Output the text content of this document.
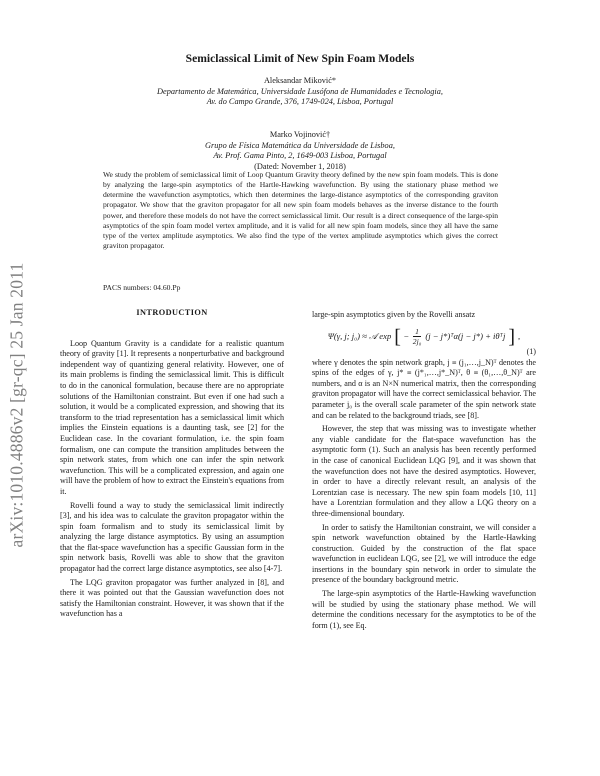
arXiv:1010.4886v2 [gr-qc] 25 Jan 2011
Semiclassical Limit of New Spin Foam Models
Aleksandar Miković*
Departamento de Matemática, Universidade Lusófona de Humanidades e Tecnologia,
Av. do Campo Grande, 376, 1749-024, Lisboa, Portugal
Marko Vojinović†
Grupo de Física Matemática da Universidade de Lisboa,
Av. Prof. Gama Pinto, 2, 1649-003 Lisboa, Portugal
(Dated: November 1, 2018)

We study the problem of semiclassical limit of Loop Quantum Gravity theory defined by the new spin foam models. This is done by analyzing the large-spin asymptotics of the Hartle-Hawking wavefunction. By using the stationary phase method we determine the wavefunction asymptotics, which then determines the large-distance asymptotics of the corresponding graviton propagator. We show that the graviton propagator for all new spin foam models behaves as the inverse distance to the fourth power, and therefore these models do not have the correct semiclassical limit. Our result is a direct consequence of the large-spin asymptotics of the spin foam model vertex amplitude, and it is valid for all new spin foam models, since they all have the same type of the vertex amplitude asymptotics. We also find the type of the vertex amplitude asymptotics which gives the correct graviton propagator.

PACS numbers: 04.60.Pp

INTRODUCTION

Loop Quantum Gravity is a candidate for a realistic quantum theory of gravity [1]. It represents a nonperturbative and background independent way of quantizing general relativity. However, one of its main problems is finding the semiclassical limit. This is difficult to do in the canonical formulation, because there are no appropriate solutions of the Hamiltonian constraint. But even if one had such a solution, it would be a complicated expression, and showing that its transform to the triad representation has a semiclassical limit which implies the Einstein equations is a daunting task, see [2] for the Euclidean case. In the covariant formulation, i.e. the spin foam formalism, one can compute the transition amplitudes between the spin network states, from which one can infer the spin network wavefunction. This will be a complicated expression, and again one will have the problem of how to extract the Einstein's equations from it.

Rovelli found a way to study the semiclassical limit indirectly [3], and his idea was to calculate the graviton propagator within the spin foam formalism and to study its semiclassical limit by analyzing the large distance asymptotics. By using an assumption that the flat-space wavefunction has a specific Gaussian form in the spin network basis, Rovelli was able to show that the graviton propagator had the correct large distance asymptotics, see also [4-7].

The LQG graviton propagator was further analyzed in [8], and there it was pointed out that the Gaussian wavefunction does not satisfy the Hamiltonian constraint. However, it was shown that if the wavefunction has a

large-spin asymptotics given by the Rovelli ansatz

Ψ(γ, j; j₀) ≈ 𝒜 exp [ − $\frac{1}{\text{2j₀}} (j$ − j*)ᵀα(j − j*) + iθᵀj ] ,
(1)

where γ denotes the spin network graph, j ≡ (j₁,…,j_N)ᵀ denotes the spins of the edges of γ, j* ≡ (j*₁,…,j*_N)ᵀ, θ ≡ (θ₁,…,θ_N)ᵀ are numbers, and α is an N×N numerical matrix, then the corresponding graviton propagator will have the correct semiclassical behavior. The parameter j₀ is the overall scale parameter of the spin network state and can be related to the background triads, see [8].

However, the step that was missing was to investigate whether any viable candidate for the flat-space wavefunction has the asymptotic form (1). Such an analysis has been recently performed in the case of canonical Euclidean LQG [9], and it was shown that the wavefunction does not have the desired asymptotics. However, in order to have a directly relevant result, an analysis of the Lorentzian case is necessary. The new spin foam models [10, 11] have a Lorentzian formulation and they allow a LQG theory on a three-dimensional boundary.

In order to satisfy the Hamiltonian constraint, we will consider a spin network wavefunction obtained by the Hartle-Hawking construction. Guided by the construction of the flat space wavefunction in euclidean LQG, see [2], we will introduce the edge insertions in the boundary spin network in order to simulate the presence of the boundary background metric.

The large-spin asymptotics of the Hartle-Hawking wavefunction will be studied by using the stationary phase method. We will determine the conditions necessary for the asymptotics to be of the form (1), see Eq.
